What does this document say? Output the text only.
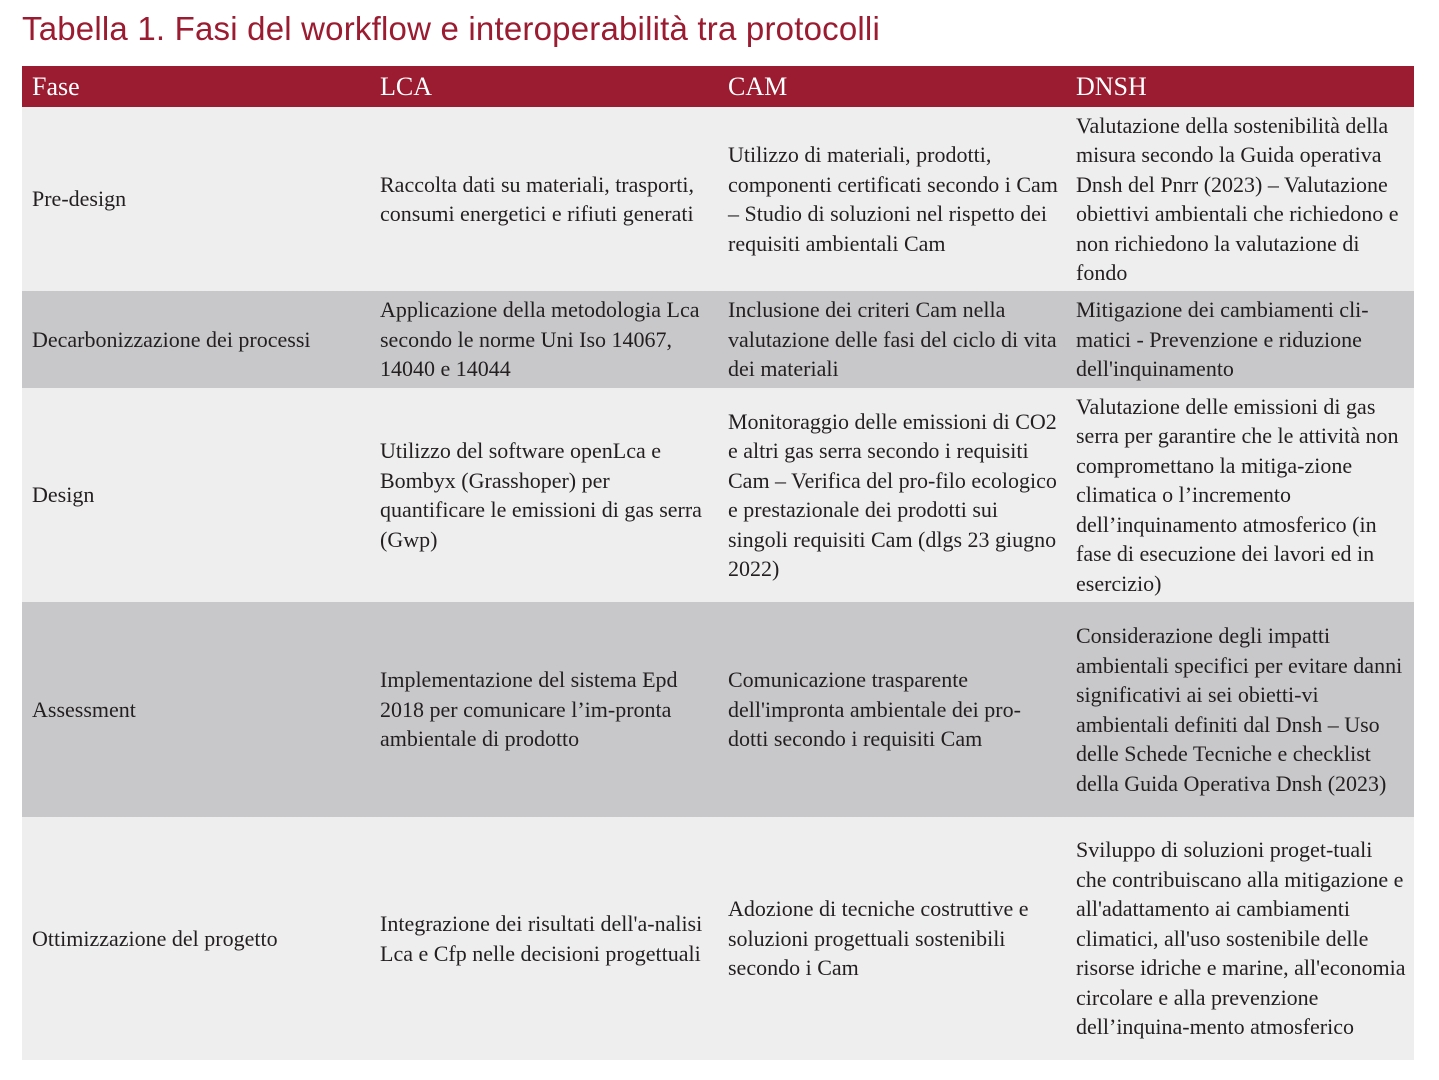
Tabella 1. Fasi del workflow e interoperabilità tra protocolli
Fase	LCA	CAM	DNSH
Pre-design	Raccolta dati su materiali, trasporti, consumi energetici e rifiuti generati	Utilizzo di materiali, prodotti, componenti certificati secondo i Cam – Studio di soluzioni nel rispetto dei requisiti ambientali Cam	Valutazione della sostenibilità della misura secondo la Guida operativa Dnsh del Pnrr (2023) – Valutazione obiettivi ambientali che richiedono e non richiedono la valutazione di fondo
Decarbonizzazione dei processi	Applicazione della metodologia Lca secondo le norme Uni Iso 14067, 14040 e 14044	Inclusione dei criteri Cam nella valutazione delle fasi del ciclo di vita dei materiali	Mitigazione dei cambiamenti cli-matici - Prevenzione e riduzione dell'inquinamento
Design	Utilizzo del software openLca e Bombyx (Grasshoper) per quantificare le emissioni di gas serra (Gwp)	Monitoraggio delle emissioni di CO2 e altri gas serra secondo i requisiti Cam – Verifica del pro-filo ecologico e prestazionale dei prodotti sui singoli requisiti Cam (dlgs 23 giugno 2022)	Valutazione delle emissioni di gas serra per garantire che le attività non compromettano la mitiga-zione climatica o l’incremento dell’inquinamento atmosferico (in fase di esecuzione dei lavori ed in esercizio)
Assessment	Implementazione del sistema Epd 2018 per comunicare l’im-pronta ambientale di prodotto	Comunicazione trasparente dell'impronta ambientale dei pro-dotti secondo i requisiti Cam	Considerazione degli impatti ambientali specifici per evitare danni significativi ai sei obietti-vi ambientali definiti dal Dnsh – Uso delle Schede Tecniche e checklist della Guida Operativa Dnsh (2023)
Ottimizzazione del progetto	Integrazione dei risultati dell'a-nalisi Lca e Cfp nelle decisioni progettuali	Adozione di tecniche costruttive e soluzioni progettuali sostenibili secondo i Cam	Sviluppo di soluzioni proget-tuali che contribuiscano alla mitigazione e all'adattamento ai cambiamenti climatici, all'uso sostenibile delle risorse idriche e marine, all'economia circolare e alla prevenzione dell’inquina-mento atmosferico
